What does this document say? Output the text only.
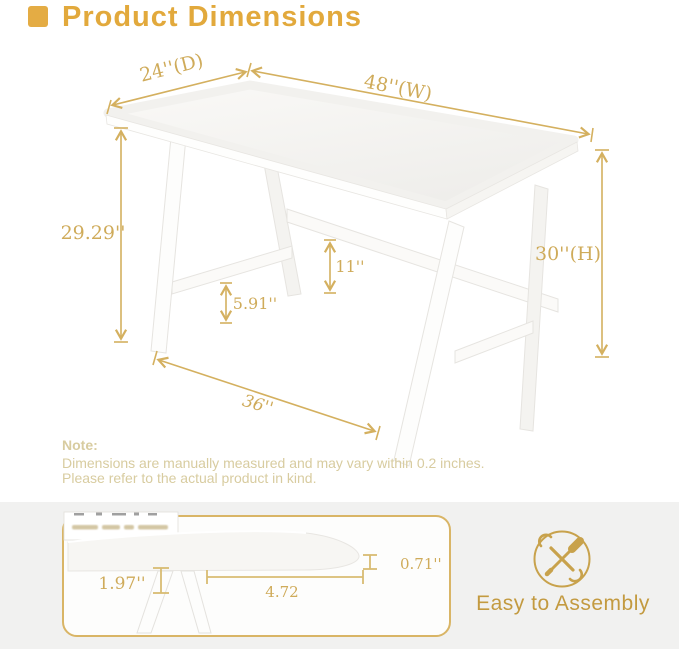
Product Dimensions
24''(D)
48''(W)
29.29''
30''(H)
11''
5.91''
36''
Note:
Dimensions are manually measured and may vary within 0.2 inches.
Please refer to the actual product in kind.
1.97''	4.72
0.71''
Easy to Assembly
